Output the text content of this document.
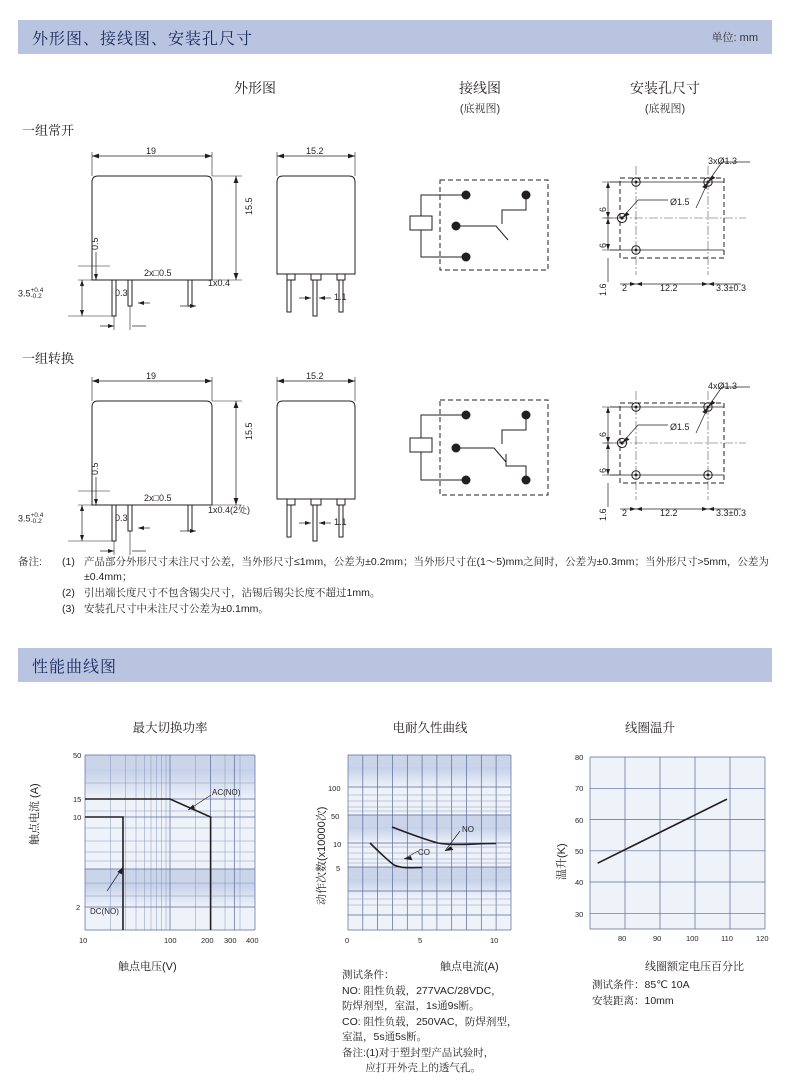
外形图、接线图、安装孔尺寸	单位: mm
外形图	接线图
(底视图)
安装孔尺寸
(底视图)
一组常开
19
15.5
0.5
3.5 +0.4
-0.2
2x□0.5
0.3
1x0.4
15.2
1.1
3xØ1.3
Ø1.5
6
6
1.6 2	12.2	3.3±0.3
一组转换
19
15.5
0.5
3.5 +0.4
-0.2
2x□0.5
0.3
1x0.4(2处)
15.2
1.1
4xØ1.3
Ø1.5
6
6
1.6 2	12.2	3.3±0.3
备注:	(1) 产品部分外形尺寸未注尺寸公差，当外形尺寸≤1mm，公差为±0.2mm；当外形尺寸在(1～5)mm之间时，公差为±0.3mm；当外形尺寸>5mm，公差为±0.4mm；
(2) 引出端长度尺寸不包含锡尖尺寸，沾锡后锡尖长度不超过1mm。
(3) 安装孔尺寸中未注尺寸公差为±0.1mm。
性能曲线图
最大切换功率
触点电流 (A)
触点电压(V)
AC(NO)
DC(NO)
50
15
10
2
10	100	200 300 400
电耐久性曲线
动作次数(x10000次)
触点电流(A)
NO
CO
100
50
10
5
0	5	10
测试条件：
NO: 阻性负载，277VAC/28VDC，
防焊剂型，室温，1s通9s断。
CO: 阻性负载，250VAC，防焊剂型，
室温，5s通5s断。
备注:(1)对于塑封型产品试验时，
应打开外壳上的透气孔。
线圈温升
温升(K)
线圈额定电压百分比
80
70
60
50
40
30
80	90	100	110	120
测试条件：85℃ 10A
安装距离：10mm
